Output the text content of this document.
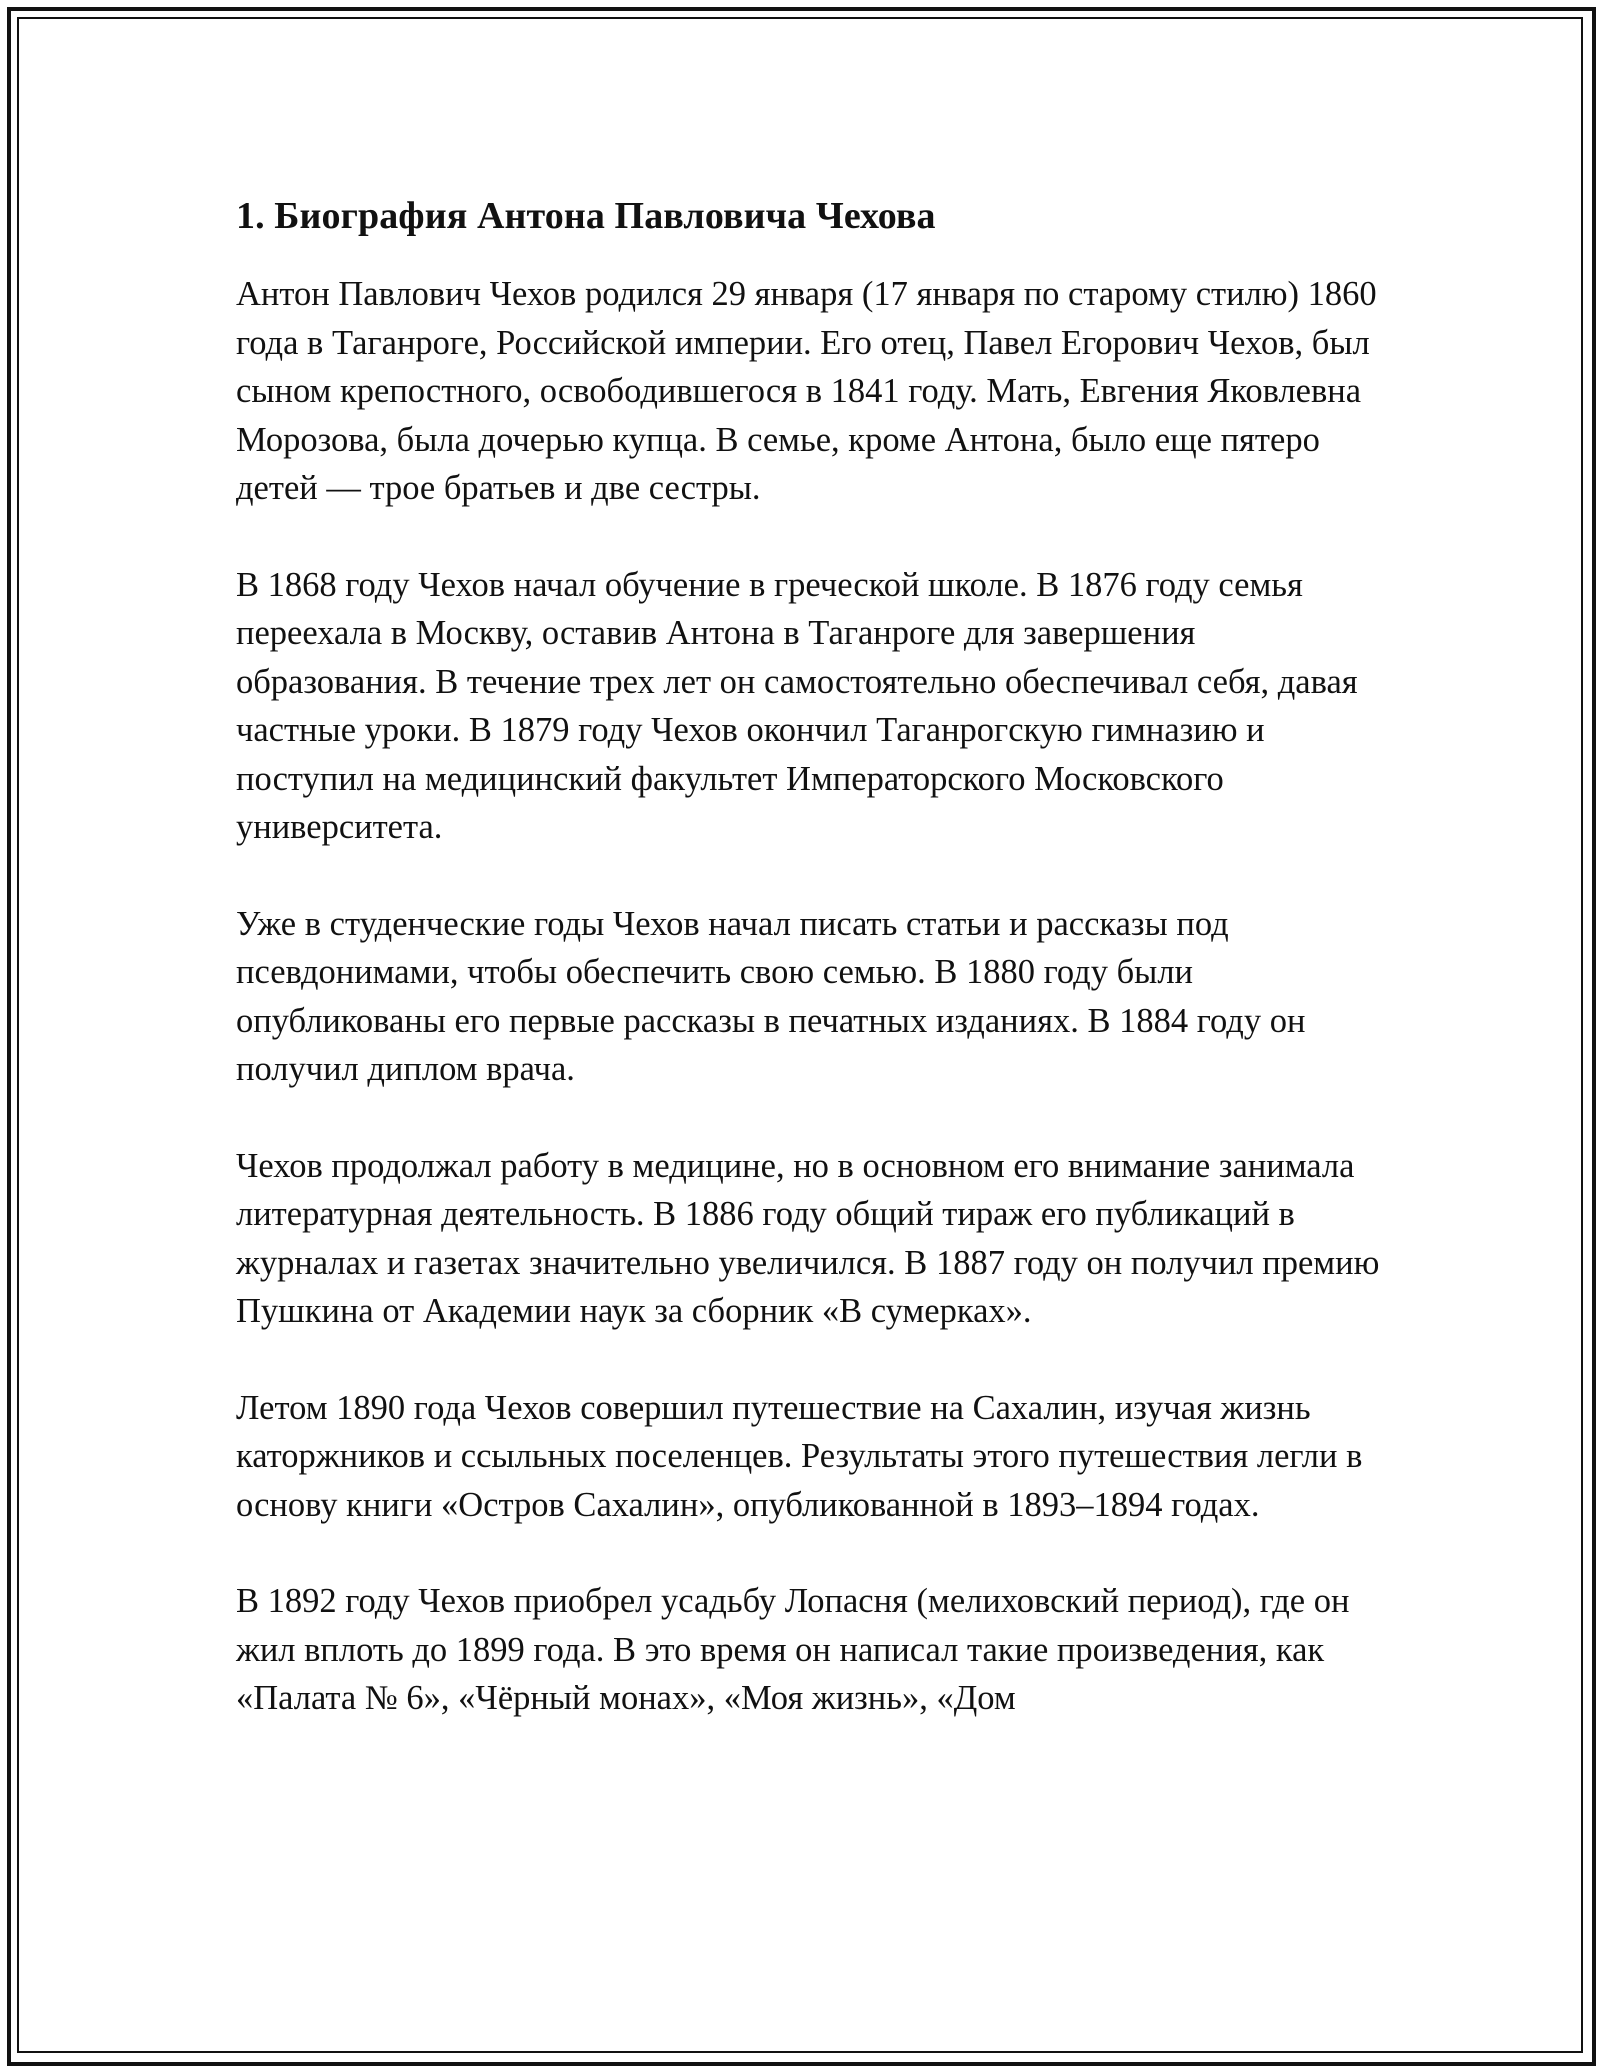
1. Биография Антона Павловича Чехова

Антон Павлович Чехов родился 29 января (17 января по старому стилю) 1860 года в Таганроге, Российской империи. Его отец, Павел Егорович Чехов, был сыном крепостного, освободившегося в 1841 году. Мать, Евгения Яковлевна Морозова, была дочерью купца. В семье, кроме Антона, было еще пятеро детей — трое братьев и две сестры.

В 1868 году Чехов начал обучение в греческой школе. В 1876 году семья переехала в Москву, оставив Антона в Таганроге для завершения образования. В течение трех лет он самостоятельно обеспечивал себя, давая частные уроки. В 1879 году Чехов окончил Таганрогскую гимназию и поступил на медицинский факультет Императорского Московского университета.

Уже в студенческие годы Чехов начал писать статьи и рассказы под псевдонимами, чтобы обеспечить свою семью. В 1880 году были опубликованы его первые рассказы в печатных изданиях. В 1884 году он получил диплом врача.

Чехов продолжал работу в медицине, но в основном его внимание занимала литературная деятельность. В 1886 году общий тираж его публикаций в журналах и газетах значительно увеличился. В 1887 году он получил премию Пушкина от Академии наук за сборник «В сумерках».

Летом 1890 года Чехов совершил путешествие на Сахалин, изучая жизнь каторжников и ссыльных поселенцев. Результаты этого путешествия легли в основу книги «Остров Сахалин», опубликованной в 1893–1894 годах.

В 1892 году Чехов приобрел усадьбу Лопасня (мелиховский период), где он жил вплоть до 1899 года. В это время он написал такие произведения, как «Палата № 6», «Чёрный монах», «Моя жизнь», «Дом
